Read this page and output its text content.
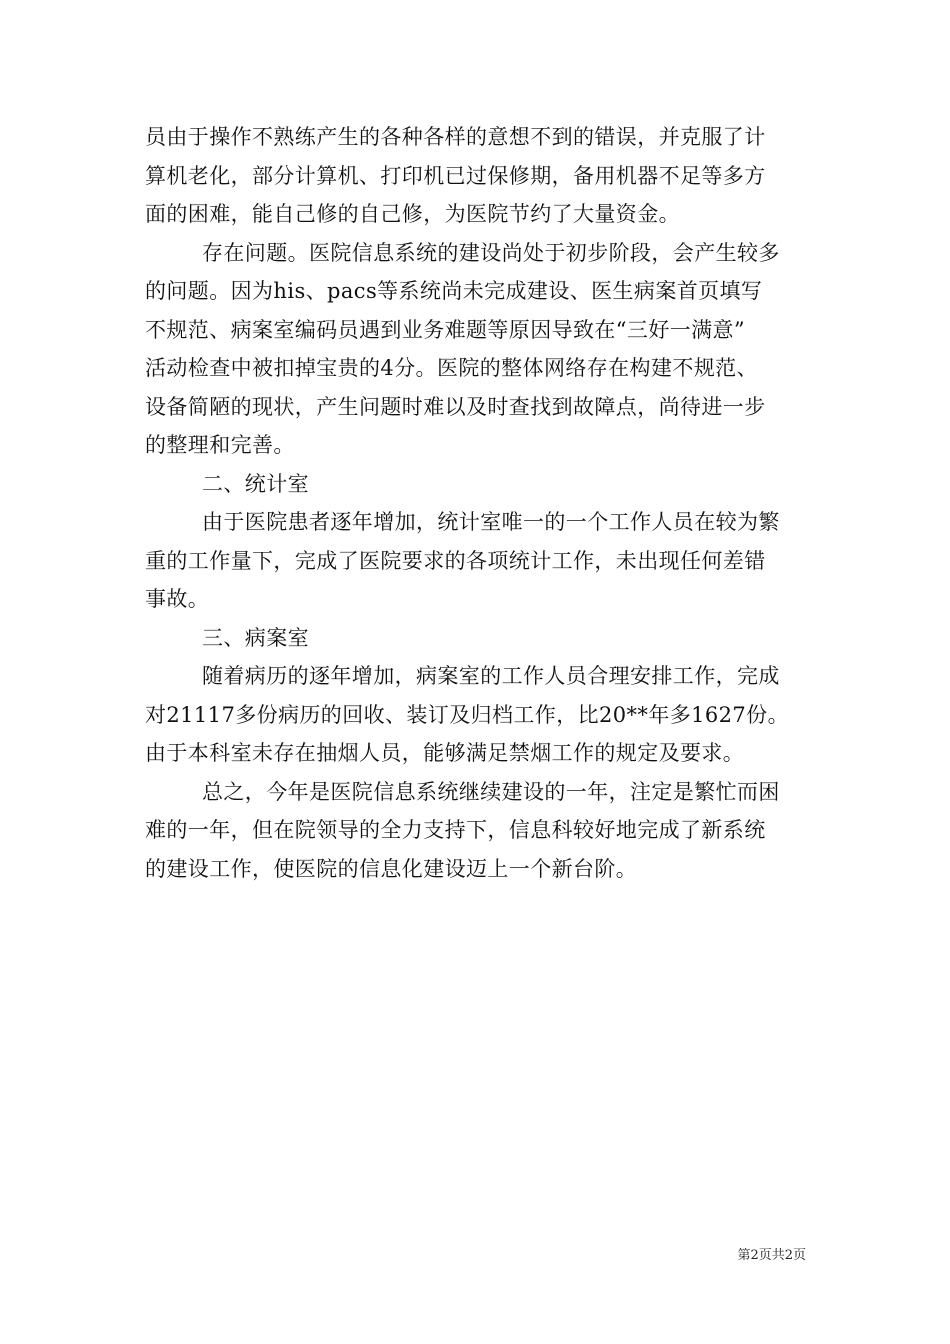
员由于操作不熟练产生的各种各样的意想不到的错误，并克服了计
算机老化，部分计算机、打印机已过保修期，备用机器不足等多方
面的困难，能自己修的自己修，为医院节约了大量资金。
存在问题。医院信息系统的建设尚处于初步阶段，会产生较多
的问题。因为his、pacs等系统尚未完成建设、医生病案首页填写
不规范、病案室编码员遇到业务难题等原因导致在“三好一满意”
活动检查中被扣掉宝贵的4分。医院的整体网络存在构建不规范、
设备简陋的现状，产生问题时难以及时查找到故障点，尚待进一步
的整理和完善。
二、统计室
由于医院患者逐年增加，统计室唯一的一个工作人员在较为繁
重的工作量下，完成了医院要求的各项统计工作，未出现任何差错
事故。
三、病案室
随着病历的逐年增加，病案室的工作人员合理安排工作，完成
对21117多份病历的回收、装订及归档工作，比20**年多1627份。
由于本科室未存在抽烟人员，能够满足禁烟工作的规定及要求。
总之，今年是医院信息系统继续建设的一年，注定是繁忙而困
难的一年，但在院领导的全力支持下，信息科较好地完成了新系统
的建设工作，使医院的信息化建设迈上一个新台阶。
第2页共2页
